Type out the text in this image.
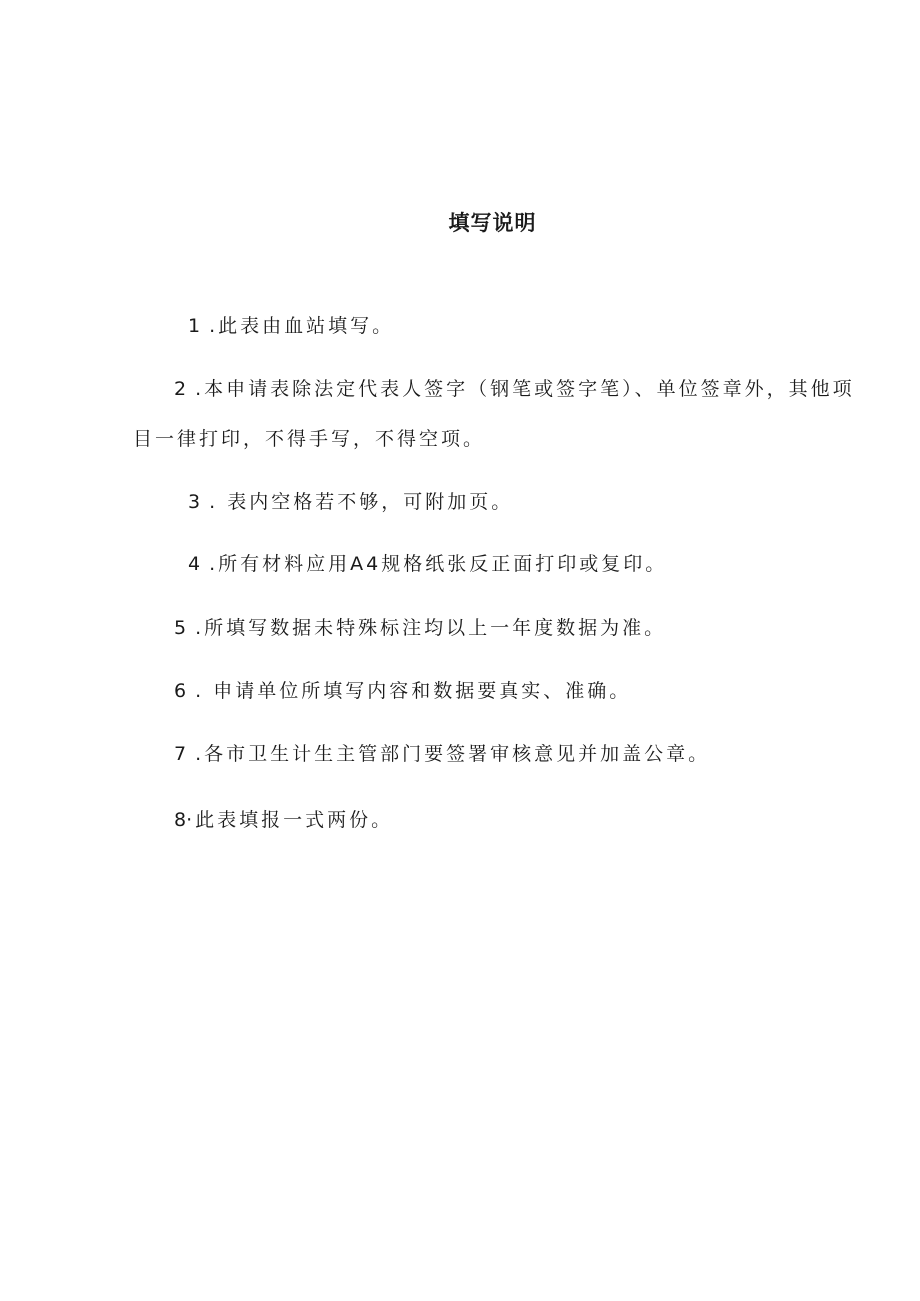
填写说明
1 .此表由血站填写。
2 .本申请表除法定代表人签字（钢笔或签字笔）、单位签章外，其他项
目一律打印，不得手写，不得空项。
3 . 表内空格若不够，可附加页。
4 .所有材料应用A4规格纸张反正面打印或复印。
5 .所填写数据未特殊标注均以上一年度数据为准。
6 . 申请单位所填写内容和数据要真实、准确。
7 .各市卫生计生主管部门要签署审核意见并加盖公章。
8·此表填报一式两份。
